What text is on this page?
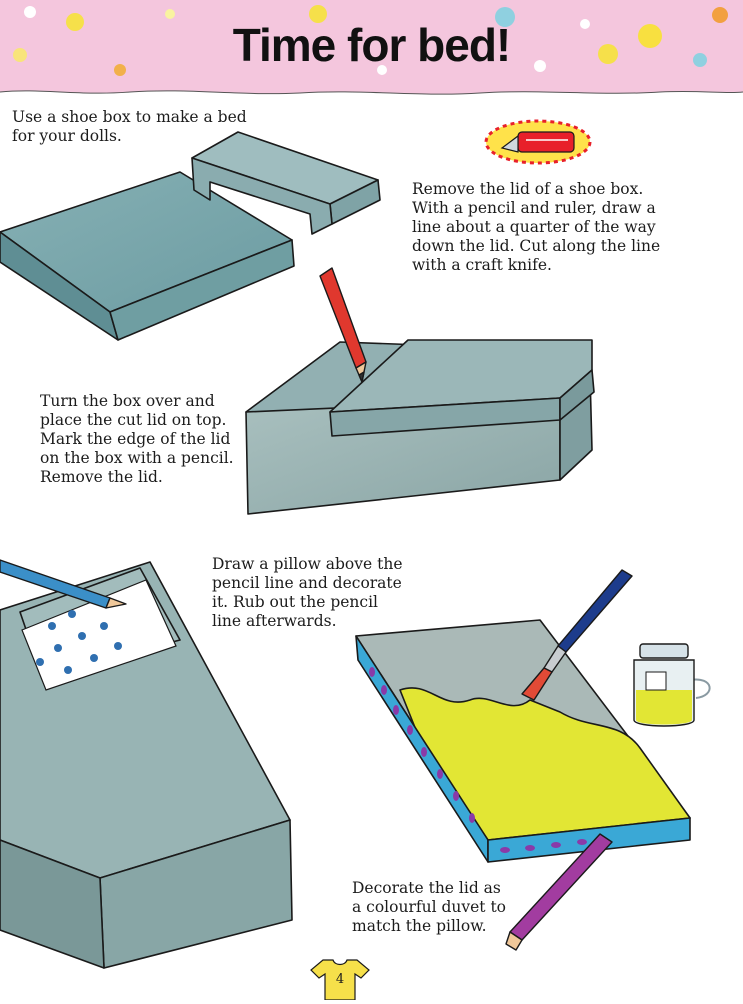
Time for bed!

Use a shoe box to make a bed
for your dolls.

Remove the lid of a shoe box.
With a pencil and ruler, draw a
line about a quarter of the way
down the lid. Cut along the line
with a craft knife.

Turn the box over and
place the cut lid on top.
Mark the edge of the lid
on the box with a pencil.
Remove the lid.

Draw a pillow above the
pencil line and decorate
it. Rub out the pencil
line afterwards.

Decorate the lid as
a colourful duvet to
match the pillow.

4
